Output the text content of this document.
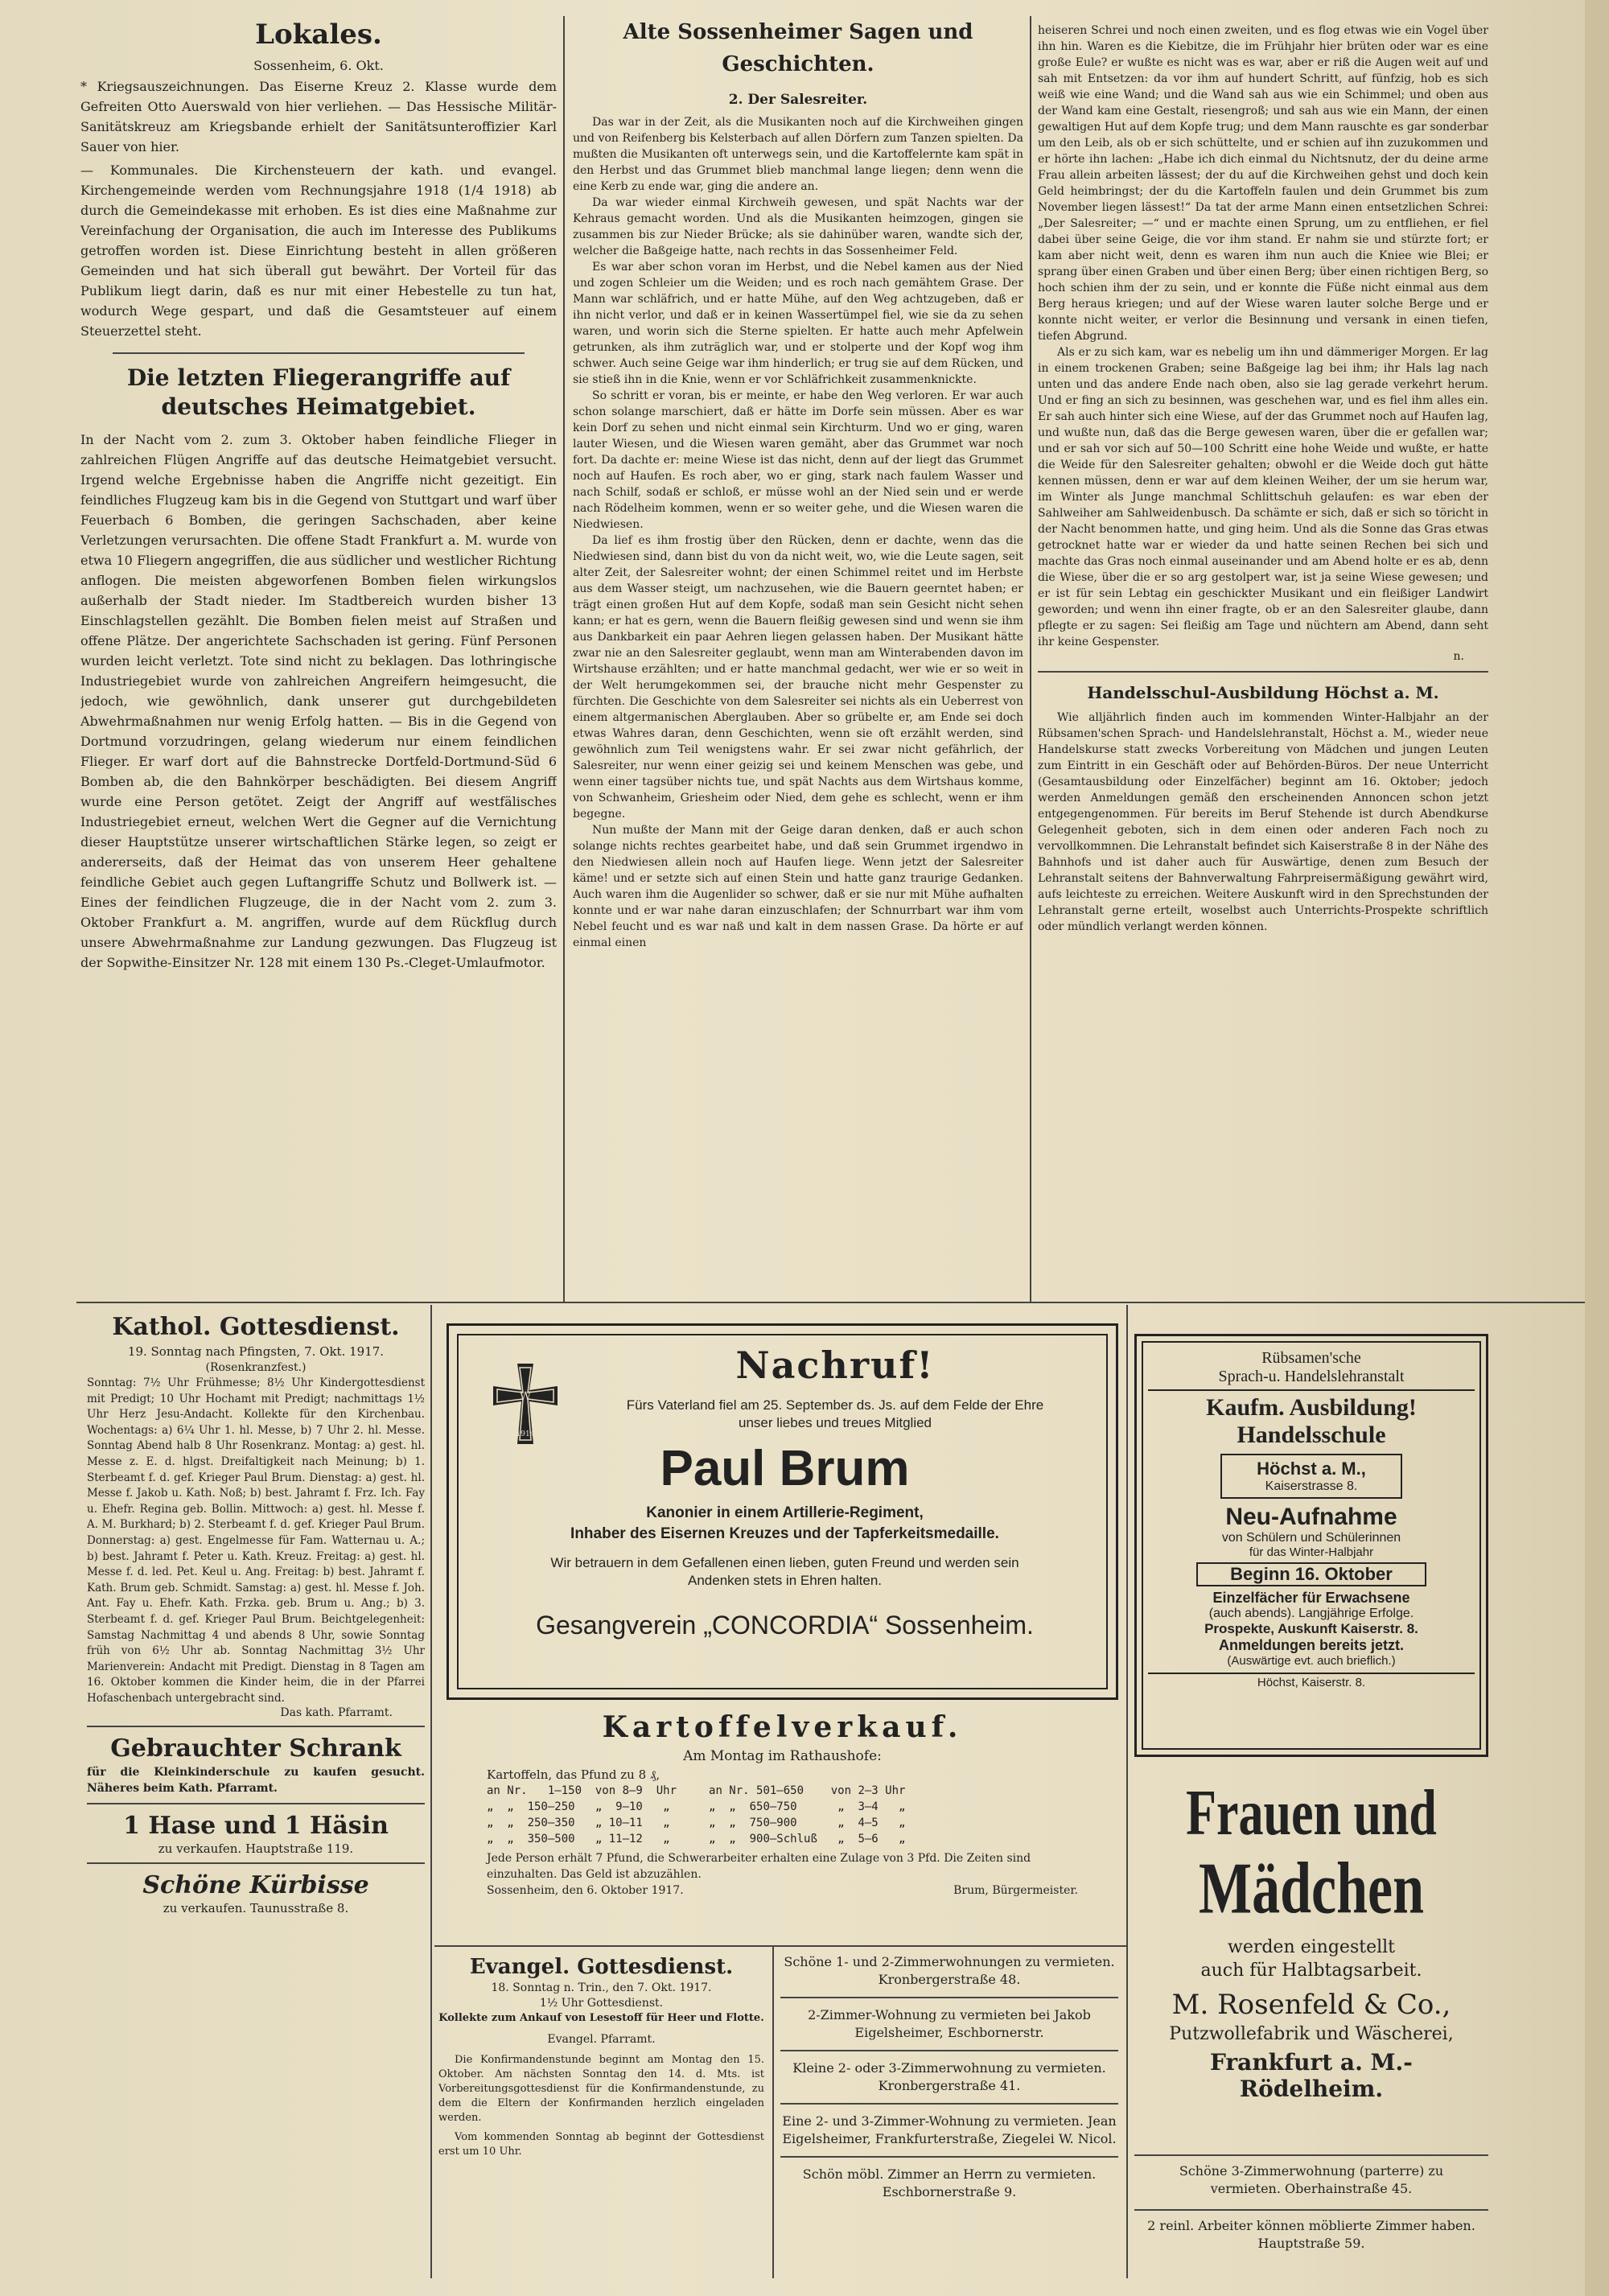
Lokales.

Sossenheim, 6. Okt.

* Kriegsauszeichnungen. Das Eiserne Kreuz 2. Klasse wurde dem Gefreiten Otto Auerswald von hier verliehen. — Das Hessische Militär-Sanitätskreuz am Kriegsbande erhielt der Sanitätsunteroffizier Karl Sauer von hier.

— Kommunales. Die Kirchensteuern der kath. und evangel. Kirchengemeinde werden vom Rechnungsjahre 1918 (1/4 1918) ab durch die Gemeindekasse mit erhoben. Es ist dies eine Maßnahme zur Vereinfachung der Organisation, die auch im Interesse des Publikums getroffen worden ist. Diese Einrichtung besteht in allen größeren Gemeinden und hat sich überall gut bewährt. Der Vorteil für das Publikum liegt darin, daß es nur mit einer Hebestelle zu tun hat, wodurch Wege gespart, und daß die Gesamtsteuer auf einem Steuerzettel steht.

Die letzten Fliegerangriffe auf deutsches Heimatgebiet.

In der Nacht vom 2. zum 3. Oktober haben feindliche Flieger in zahlreichen Flügen Angriffe auf das deutsche Heimatgebiet versucht. Irgend welche Ergebnisse haben die Angriffe nicht gezeitigt. Ein feindliches Flugzeug kam bis in die Gegend von Stuttgart und warf über Feuerbach 6 Bomben, die geringen Sachschaden, aber keine Verletzungen verursachten. Die offene Stadt Frankfurt a. M. wurde von etwa 10 Fliegern angegriffen, die aus südlicher und westlicher Richtung anflogen. Die meisten abgeworfenen Bomben fielen wirkungslos außerhalb der Stadt nieder. Im Stadtbereich wurden bisher 13 Einschlagstellen gezählt. Die Bomben fielen meist auf Straßen und offene Plätze. Der angerichtete Sachschaden ist gering. Fünf Personen wurden leicht verletzt. Tote sind nicht zu beklagen. Das lothringische Industriegebiet wurde von zahlreichen Angreifern heimgesucht, die jedoch, wie gewöhnlich, dank unserer gut durchgebildeten Abwehrmaßnahmen nur wenig Erfolg hatten. — Bis in die Gegend von Dortmund vorzudringen, gelang wiederum nur einem feindlichen Flieger. Er warf dort auf die Bahnstrecke Dortfeld-Dortmund-Süd 6 Bomben ab, die den Bahnkörper beschädigten. Bei diesem Angriff wurde eine Person getötet. Zeigt der Angriff auf westfälisches Industriegebiet erneut, welchen Wert die Gegner auf die Vernichtung dieser Hauptstütze unserer wirtschaftlichen Stärke legen, so zeigt er andererseits, daß der Heimat das von unserem Heer gehaltene feindliche Gebiet auch gegen Luftangriffe Schutz und Bollwerk ist. — Eines der feindlichen Flugzeuge, die in der Nacht vom 2. zum 3. Oktober Frankfurt a. M. angriffen, wurde auf dem Rückflug durch unsere Abwehrmaßnahme zur Landung gezwungen. Das Flugzeug ist der Sopwithe-Einsitzer Nr. 128 mit einem 130 Ps.-Cleget-Umlaufmotor.

Alte Sossenheimer Sagen und Geschichten.

2. Der Salesreiter.

Das war in der Zeit, als die Musikanten noch auf die Kirchweihen gingen und von Reifenberg bis Kelsterbach auf allen Dörfern zum Tanzen spielten. Da mußten die Musikanten oft unterwegs sein, und die Kartoffelernte kam spät in den Herbst und das Grummet blieb manchmal lange liegen; denn wenn die eine Kerb zu ende war, ging die andere an.

Da war wieder einmal Kirchweih gewesen, und spät Nachts war der Kehraus gemacht worden. Und als die Musikanten heimzogen, gingen sie zusammen bis zur Nieder Brücke; als sie dahinüber waren, wandte sich der, welcher die Baßgeige hatte, nach rechts in das Sossenheimer Feld.

Es war aber schon voran im Herbst, und die Nebel kamen aus der Nied und zogen Schleier um die Weiden; und es roch nach gemähtem Grase. Der Mann war schläfrich, und er hatte Mühe, auf den Weg achtzugeben, daß er ihn nicht verlor, und daß er in keinen Wassertümpel fiel, wie sie da zu sehen waren, und worin sich die Sterne spielten. Er hatte auch mehr Apfelwein getrunken, als ihm zuträglich war, und er stolperte und der Kopf wog ihm schwer. Auch seine Geige war ihm hinderlich; er trug sie auf dem Rücken, und sie stieß ihn in die Knie, wenn er vor Schläfrichkeit zusammenknickte.

So schritt er voran, bis er meinte, er habe den Weg verloren. Er war auch schon solange marschiert, daß er hätte im Dorfe sein müssen. Aber es war kein Dorf zu sehen und nicht einmal sein Kirchturm. Und wo er ging, waren lauter Wiesen, und die Wiesen waren gemäht, aber das Grummet war noch fort. Da dachte er: meine Wiese ist das nicht, denn auf der liegt das Grummet noch auf Haufen. Es roch aber, wo er ging, stark nach faulem Wasser und nach Schilf, sodaß er schloß, er müsse wohl an der Nied sein und er werde nach Rödelheim kommen, wenn er so weiter gehe, und die Wiesen waren die Niedwiesen.

Da lief es ihm frostig über den Rücken, denn er dachte, wenn das die Niedwiesen sind, dann bist du von da nicht weit, wo, wie die Leute sagen, seit alter Zeit, der Salesreiter wohnt; der einen Schimmel reitet und im Herbste aus dem Wasser steigt, um nachzusehen, wie die Bauern geerntet haben; er trägt einen großen Hut auf dem Kopfe, sodaß man sein Gesicht nicht sehen kann; er hat es gern, wenn die Bauern fleißig gewesen sind und wenn sie ihm aus Dankbarkeit ein paar Aehren liegen gelassen haben. Der Musikant hätte zwar nie an den Salesreiter geglaubt, wenn man am Winterabenden davon im Wirtshause erzählten; und er hatte manchmal gedacht, wer wie er so weit in der Welt herumgekommen sei, der brauche nicht mehr Gespenster zu fürchten. Die Geschichte von dem Salesreiter sei nichts als ein Ueberrest von einem altgermanischen Aberglauben. Aber so grübelte er, am Ende sei doch etwas Wahres daran, denn Geschichten, wenn sie oft erzählt werden, sind gewöhnlich zum Teil wenigstens wahr. Er sei zwar nicht gefährlich, der Salesreiter, nur wenn einer geizig sei und keinem Menschen was gebe, und wenn einer tagsüber nichts tue, und spät Nachts aus dem Wirtshaus komme, von Schwanheim, Griesheim oder Nied, dem gehe es schlecht, wenn er ihm begegne.

Nun mußte der Mann mit der Geige daran denken, daß er auch schon solange nichts rechtes gearbeitet habe, und daß sein Grummet irgendwo in den Niedwiesen allein noch auf Haufen liege. Wenn jetzt der Salesreiter käme! und er setzte sich auf einen Stein und hatte ganz traurige Gedanken. Auch waren ihm die Augenlider so schwer, daß er sie nur mit Mühe aufhalten konnte und er war nahe daran einzuschlafen; der Schnurrbart war ihm vom Nebel feucht und es war naß und kalt in dem nassen Grase. Da hörte er auf einmal einen

heiseren Schrei und noch einen zweiten, und es flog etwas wie ein Vogel über ihn hin. Waren es die Kiebitze, die im Frühjahr hier brüten oder war es eine große Eule? er wußte es nicht was es war, aber er riß die Augen weit auf und sah mit Entsetzen: da vor ihm auf hundert Schritt, auf fünfzig, hob es sich weiß wie eine Wand; und die Wand sah aus wie ein Schimmel; und oben aus der Wand kam eine Gestalt, riesengroß; und sah aus wie ein Mann, der einen gewaltigen Hut auf dem Kopfe trug; und dem Mann rauschte es gar sonderbar um den Leib, als ob er sich schüttelte, und er schien auf ihn zuzukommen und er hörte ihn lachen: „Habe ich dich einmal du Nichtsnutz, der du deine arme Frau allein arbeiten lässest; der du auf die Kirchweihen gehst und doch kein Geld heimbringst; der du die Kartoffeln faulen und dein Grummet bis zum November liegen lässest!“ Da tat der arme Mann einen entsetzlichen Schrei: „Der Salesreiter; —“ und er machte einen Sprung, um zu entfliehen, er fiel dabei über seine Geige, die vor ihm stand. Er nahm sie und stürzte fort; er kam aber nicht weit, denn es waren ihm nun auch die Kniee wie Blei; er sprang über einen Graben und über einen Berg; über einen richtigen Berg, so hoch schien ihm der zu sein, und er konnte die Füße nicht einmal aus dem Berg heraus kriegen; und auf der Wiese waren lauter solche Berge und er konnte nicht weiter, er verlor die Besinnung und versank in einen tiefen, tiefen Abgrund.

Als er zu sich kam, war es nebelig um ihn und dämmeriger Morgen. Er lag in einem trockenen Graben; seine Baßgeige lag bei ihm; ihr Hals lag nach unten und das andere Ende nach oben, also sie lag gerade verkehrt herum. Und er fing an sich zu besinnen, was geschehen war, und es fiel ihm alles ein. Er sah auch hinter sich eine Wiese, auf der das Grummet noch auf Haufen lag, und wußte nun, daß das die Berge gewesen waren, über die er gefallen war; und er sah vor sich auf 50—100 Schritt eine hohe Weide und wußte, er hatte die Weide für den Salesreiter gehalten; obwohl er die Weide doch gut hätte kennen müssen, denn er war auf dem kleinen Weiher, der um sie herum war, im Winter als Junge manchmal Schlittschuh gelaufen: es war eben der Sahlweiher am Sahlweidenbusch. Da schämte er sich, daß er sich so töricht in der Nacht benommen hatte, und ging heim. Und als die Sonne das Gras etwas getrocknet hatte war er wieder da und hatte seinen Rechen bei sich und machte das Gras noch einmal auseinander und am Abend holte er es ab, denn die Wiese, über die er so arg gestolpert war, ist ja seine Wiese gewesen; und er ist für sein Lebtag ein geschickter Musikant und ein fleißiger Landwirt geworden; und wenn ihn einer fragte, ob er an den Salesreiter glaube, dann pflegte er zu sagen: Sei fleißig am Tage und nüchtern am Abend, dann seht ihr keine Gespenster.

n.

Handelsschul-Ausbildung Höchst a. M.

Wie alljährlich finden auch im kommenden Winter-Halbjahr an der Rübsamen'schen Sprach- und Handelslehranstalt, Höchst a. M., wieder neue Handelskurse statt zwecks Vorbereitung von Mädchen und jungen Leuten zum Eintritt in ein Geschäft oder auf Behörden-Büros. Der neue Unterricht (Gesamtausbildung oder Einzelfächer) beginnt am 16. Oktober; jedoch werden Anmeldungen gemäß den erscheinenden Annoncen schon jetzt entgegengenommen. Für bereits im Beruf Stehende ist durch Abendkurse Gelegenheit geboten, sich in dem einen oder anderen Fach noch zu vervollkommnen. Die Lehranstalt befindet sich Kaiserstraße 8 in der Nähe des Bahnhofs und ist daher auch für Auswärtige, denen zum Besuch der Lehranstalt seitens der Bahnverwaltung Fahrpreisermäßigung gewährt wird, aufs leichteste zu erreichen. Weitere Auskunft wird in den Sprechstunden der Lehranstalt gerne erteilt, woselbst auch Unterrichts-Prospekte schriftlich oder mündlich verlangt werden können.

Kathol. Gottesdienst.

19. Sonntag nach Pfingsten, 7. Okt. 1917.

(Rosenkranzfest.)

Sonntag: 7½ Uhr Frühmesse; 8½ Uhr Kindergottesdienst mit Predigt; 10 Uhr Hochamt mit Predigt; nachmittags 1½ Uhr Herz Jesu-Andacht. Kollekte für den Kirchenbau. Wochentags: a) 6¼ Uhr 1. hl. Messe, b) 7 Uhr 2. hl. Messe. Sonntag Abend halb 8 Uhr Rosenkranz. Montag: a) gest. hl. Messe z. E. d. hlgst. Dreifaltigkeit nach Meinung; b) 1. Sterbeamt f. d. gef. Krieger Paul Brum. Dienstag: a) gest. hl. Messe f. Jakob u. Kath. Noß; b) best. Jahramt f. Frz. Ich. Fay u. Ehefr. Regina geb. Bollin. Mittwoch: a) gest. hl. Messe f. A. M. Burkhard; b) 2. Sterbeamt f. d. gef. Krieger Paul Brum. Donnerstag: a) gest. Engelmesse für Fam. Watternau u. A.; b) best. Jahramt f. Peter u. Kath. Kreuz. Freitag: a) gest. hl. Messe f. d. led. Pet. Keul u. Ang. Freitag: b) best. Jahramt f. Kath. Brum geb. Schmidt. Samstag: a) gest. hl. Messe f. Joh. Ant. Fay u. Ehefr. Kath. Frzka. geb. Brum u. Ang.; b) 3. Sterbeamt f. d. gef. Krieger Paul Brum. Beichtgelegenheit: Samstag Nachmittag 4 und abends 8 Uhr, sowie Sonntag früh von 6½ Uhr ab. Sonntag Nachmittag 3½ Uhr Marienverein: Andacht mit Predigt. Dienstag in 8 Tagen am 16. Oktober kommen die Kinder heim, die in der Pfarrei Hofaschenbach untergebracht sind.

Das kath. Pfarramt.

Gebrauchter Schrank

für die Kleinkinderschule zu kaufen gesucht. Näheres beim Kath. Pfarramt.

1 Hase und 1 Häsin

zu verkaufen. Hauptstraße 119.

Schöne Kürbisse

zu verkaufen. Taunusstraße 8.

W
1914
Nachruf!

Fürs Vaterland fiel am 25. September ds. Js. auf dem Felde der Ehre unser liebes und treues Mitglied

Paul Brum

Kanonier in einem Artillerie-Regiment,

Inhaber des Eisernen Kreuzes und der Tapferkeitsmedaille.

Wir betrauern in dem Gefallenen einen lieben, guten Freund und werden sein Andenken stets in Ehren halten.

Gesangverein „CONCORDIA“ Sossenheim.

Kartoffelverkauf.

Am Montag im Rathaushofe:

Kartoffeln, das Pfund zu 8 ₰,

an Nr.   1—150  von 8—9  Uhr
„  „  150—250   „  9—10   „
„  „  250—350   „ 10—11   „
„  „  350—500   „ 11—12   „
an Nr. 501—650    von 2—3 Uhr
„  „  650—750      „  3—4   „
„  „  750—900      „  4—5   „
„  „  900—Schluß   „  5—6   „

Jede Person erhält 7 Pfund, die Schwerarbeiter erhalten eine Zulage von 3 Pfd. Die Zeiten sind einzuhalten. Das Geld ist abzuzählen.

Sossenheim, den 6. Oktober 1917.	Brum, Bürgermeister.
Evangel. Gottesdienst.

18. Sonntag n. Trin., den 7. Okt. 1917.

1½ Uhr Gottesdienst.

Kollekte zum Ankauf von Lesestoff für Heer und Flotte.

Evangel. Pfarramt.

Die Konfirmandenstunde beginnt am Montag den 15. Oktober. Am nächsten Sonntag den 14. d. Mts. ist Vorbereitungsgottesdienst für die Konfirmandenstunde, zu dem die Eltern der Konfirmanden herzlich eingeladen werden.

Vom kommenden Sonntag ab beginnt der Gottesdienst erst um 10 Uhr.

Schöne 1- und 2-Zimmerwohnungen zu vermieten. Kronbergerstraße 48.

2-Zimmer-Wohnung zu vermieten bei Jakob Eigelsheimer, Eschbornerstr.

Kleine 2- oder 3-Zimmerwohnung zu vermieten. Kronbergerstraße 41.

Eine 2- und 3-Zimmer-Wohnung zu vermieten. Jean Eigelsheimer, Frankfurterstraße, Ziegelei W. Nicol.

Schön möbl. Zimmer an Herrn zu vermieten. Eschbornerstraße 9.

Rübsamen'sche

Sprach-u. Handelslehranstalt

Kaufm. Ausbildung!

Handelsschule

Höchst a. M.,

Kaiserstrasse 8.

Neu-Aufnahme

von Schülern und Schülerinnen

für das Winter-Halbjahr

Beginn 16. Oktober

Einzelfächer für Erwachsene

(auch abends). Langjährige Erfolge.

Prospekte, Auskunft Kaiserstr. 8.

Anmeldungen bereits jetzt.

(Auswärtige evt. auch brieflich.)

Höchst, Kaiserstr. 8.

Frauen und

Mädchen

werden eingestellt

auch für Halbtagsarbeit.

M. Rosenfeld & Co.,

Putzwollefabrik und Wäscherei,

Frankfurt a. M.-

Rödelheim.

Schöne 3-Zimmerwohnung (parterre) zu vermieten. Oberhainstraße 45.

2 reinl. Arbeiter können möblierte Zimmer haben. Hauptstraße 59.
